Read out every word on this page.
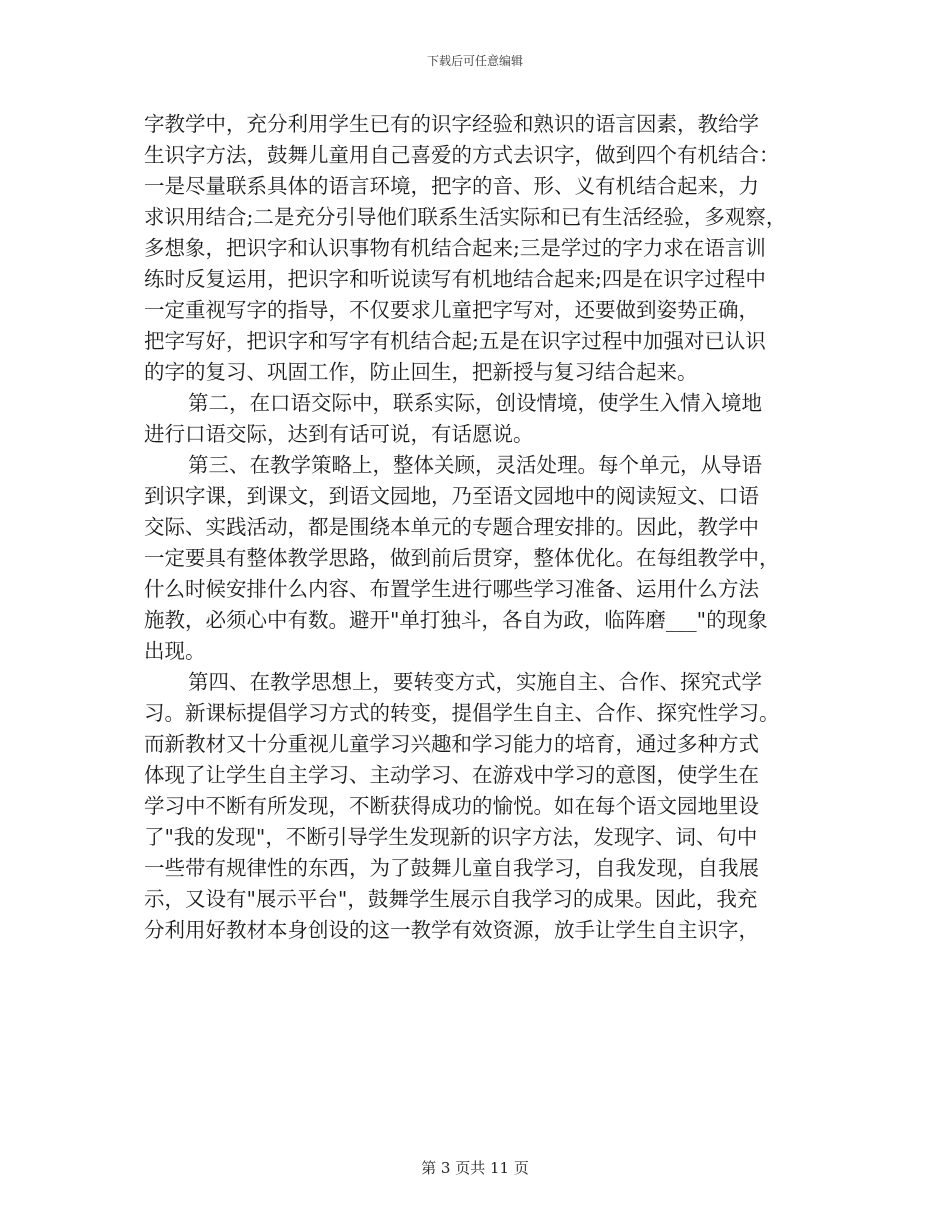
下载后可任意编辑
字教学中，充分利用学生已有的识字经验和熟识的语言因素，教给学
生识字方法，鼓舞儿童用自己喜爱的方式去识字，做到四个有机结合：
一是尽量联系具体的语言环境，把字的音、形、义有机结合起来，力
求识用结合;二是充分引导他们联系生活实际和已有生活经验，多观察，
多想象，把识字和认识事物有机结合起来;三是学过的字力求在语言训
练时反复运用，把识字和听说读写有机地结合起来;四是在识字过程中
一定重视写字的指导，不仅要求儿童把字写对，还要做到姿势正确，
把字写好，把识字和写字有机结合起;五是在识字过程中加强对已认识
的字的复习、巩固工作，防止回生，把新授与复习结合起来。
第二，在口语交际中，联系实际，创设情境，使学生入情入境地
进行口语交际，达到有话可说，有话愿说。
第三、在教学策略上，整体关顾，灵活处理。每个单元，从导语
到识字课，到课文，到语文园地，乃至语文园地中的阅读短文、口语
交际、实践活动，都是围绕本单元的专题合理安排的。因此，教学中
一定要具有整体教学思路，做到前后贯穿，整体优化。在每组教学中，
什么时候安排什么内容、布置学生进行哪些学习准备、运用什么方法
施教，必须心中有数。避开"单打独斗，各自为政，临阵磨___"的现象
出现。
第四、在教学思想上，要转变方式，实施自主、合作、探究式学
习。新课标提倡学习方式的转变，提倡学生自主、合作、探究性学习。
而新教材又十分重视儿童学习兴趣和学习能力的培育，通过多种方式
体现了让学生自主学习、主动学习、在游戏中学习的意图，使学生在
学习中不断有所发现，不断获得成功的愉悦。如在每个语文园地里设
了"我的发现"，不断引导学生发现新的识字方法，发现字、词、句中
一些带有规律性的东西，为了鼓舞儿童自我学习，自我发现，自我展
示，又设有"展示平台"，鼓舞学生展示自我学习的成果。因此，我充
分利用好教材本身创设的这一教学有效资源，放手让学生自主识字，
第 3 页共 11 页
